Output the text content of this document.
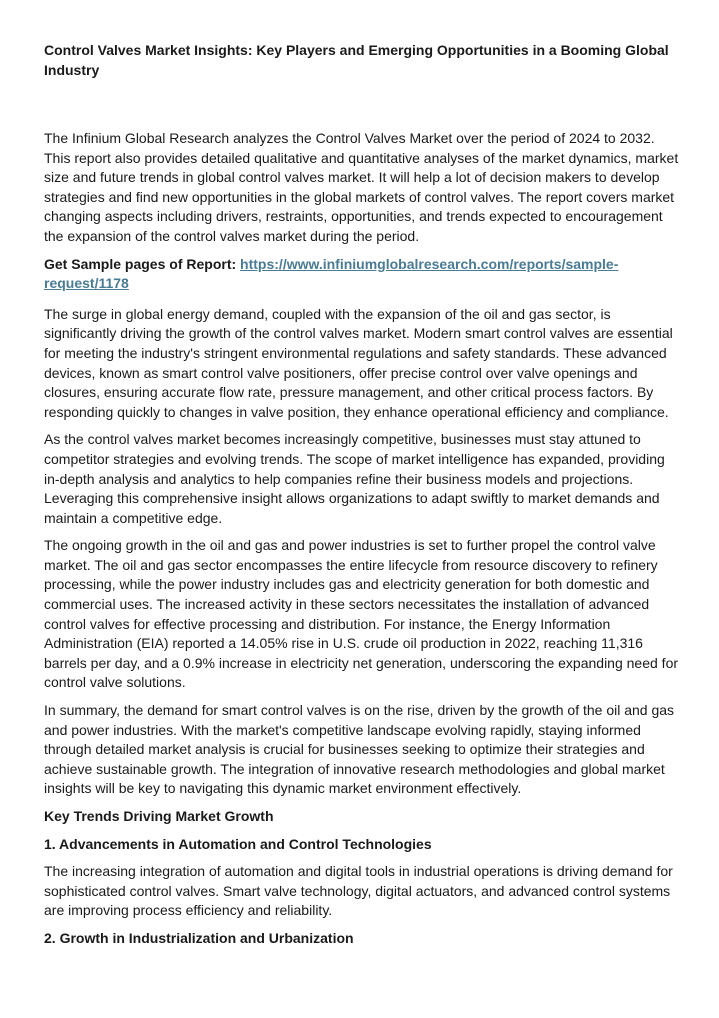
Control Valves Market Insights: Key Players and Emerging Opportunities in a Booming Global Industry

The Infinium Global Research analyzes the Control Valves Market over the period of 2024 to 2032. This report also provides detailed qualitative and quantitative analyses of the market dynamics, market size and future trends in global control valves market. It will help a lot of decision makers to develop strategies and find new opportunities in the global markets of control valves. The report covers market changing aspects including drivers, restraints, opportunities, and trends expected to encouragement the expansion of the control valves market during the period.

Get Sample pages of Report: https://www.infiniumglobalresearch.com/reports/sample-request/1178

The surge in global energy demand, coupled with the expansion of the oil and gas sector, is significantly driving the growth of the control valves market. Modern smart control valves are essential for meeting the industry's stringent environmental regulations and safety standards. These advanced devices, known as smart control valve positioners, offer precise control over valve openings and closures, ensuring accurate flow rate, pressure management, and other critical process factors. By responding quickly to changes in valve position, they enhance operational efficiency and compliance.

As the control valves market becomes increasingly competitive, businesses must stay attuned to competitor strategies and evolving trends. The scope of market intelligence has expanded, providing in-depth analysis and analytics to help companies refine their business models and projections. Leveraging this comprehensive insight allows organizations to adapt swiftly to market demands and maintain a competitive edge.

The ongoing growth in the oil and gas and power industries is set to further propel the control valve market. The oil and gas sector encompasses the entire lifecycle from resource discovery to refinery processing, while the power industry includes gas and electricity generation for both domestic and commercial uses. The increased activity in these sectors necessitates the installation of advanced control valves for effective processing and distribution. For instance, the Energy Information Administration (EIA) reported a 14.05% rise in U.S. crude oil production in 2022, reaching 11,316 barrels per day, and a 0.9% increase in electricity net generation, underscoring the expanding need for control valve solutions.

In summary, the demand for smart control valves is on the rise, driven by the growth of the oil and gas and power industries. With the market's competitive landscape evolving rapidly, staying informed through detailed market analysis is crucial for businesses seeking to optimize their strategies and achieve sustainable growth. The integration of innovative research methodologies and global market insights will be key to navigating this dynamic market environment effectively.

Key Trends Driving Market Growth
1. Advancements in Automation and Control Technologies

The increasing integration of automation and digital tools in industrial operations is driving demand for sophisticated control valves. Smart valve technology, digital actuators, and advanced control systems are improving process efficiency and reliability.

2. Growth in Industrialization and Urbanization
